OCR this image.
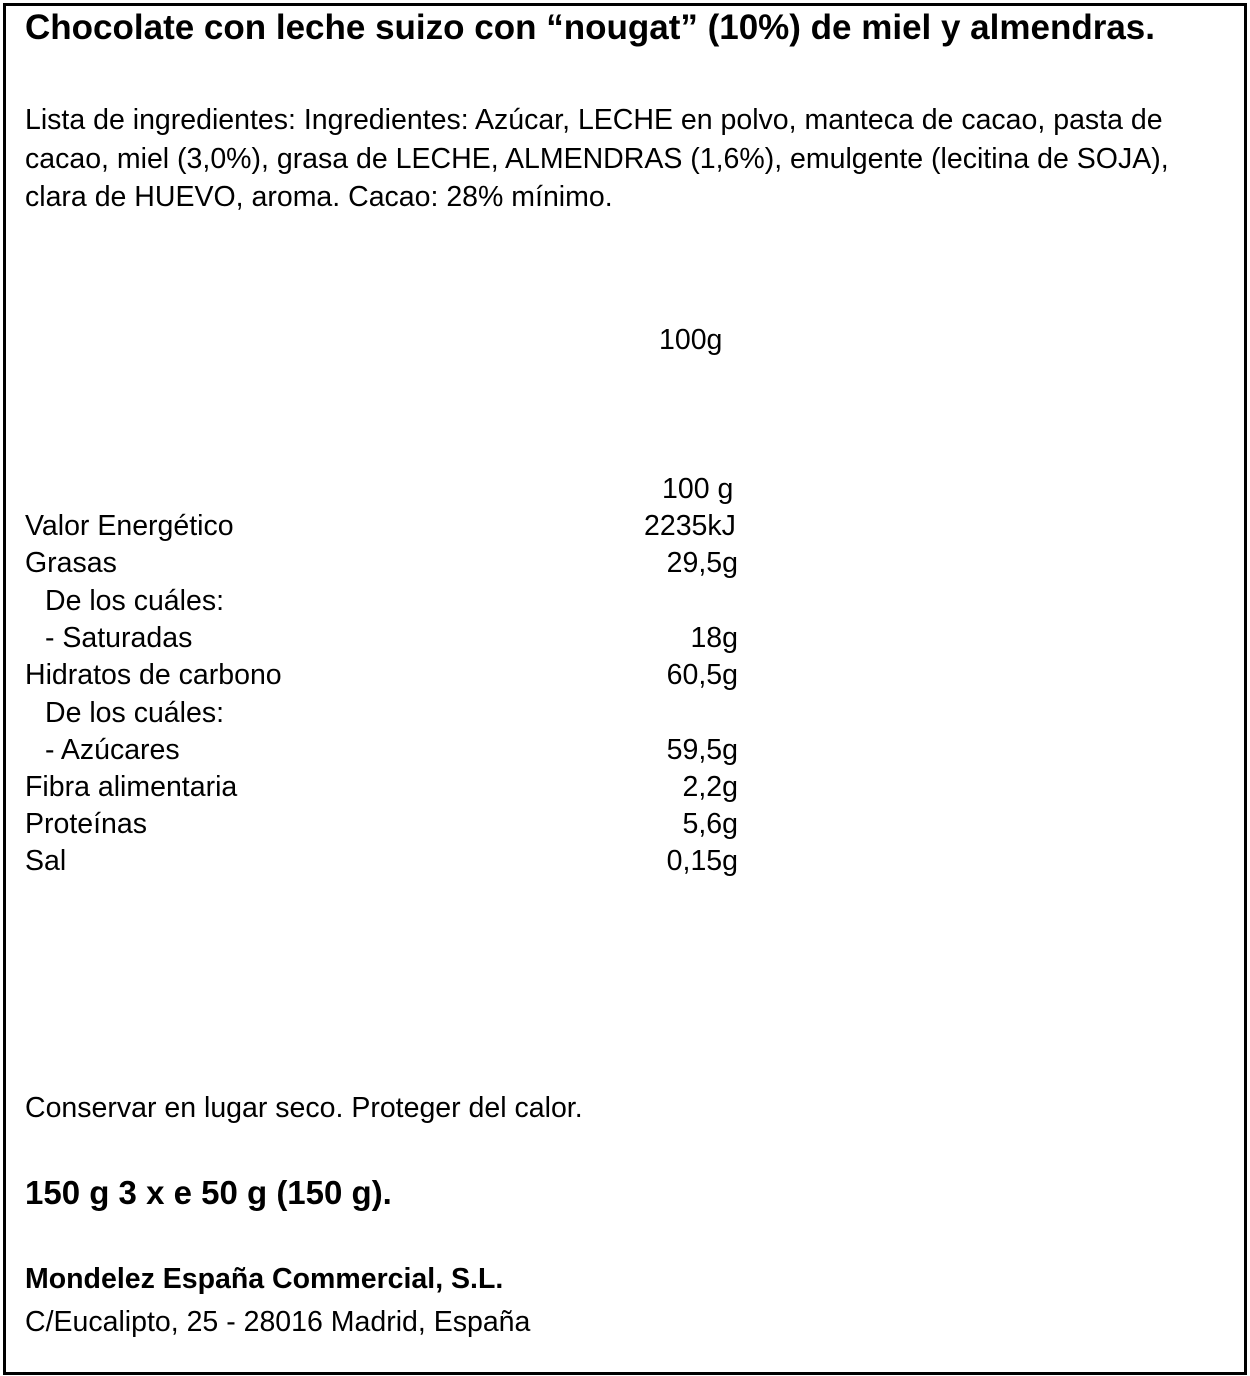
Chocolate con leche suizo con “nougat” (10%) de miel y almendras.
Lista de ingredientes: Ingredientes: Azúcar, LECHE en polvo, manteca de cacao, pasta de cacao, miel (3,0%), grasa de LECHE, ALMENDRAS (1,6%), emulgente (lecitina de SOJA), clara de HUEVO, aroma. Cacao: 28% mínimo.
100g
100 g
Valor Energético	2235kJ
Grasas	29,5g
De los cuáles:
- Saturadas	18g
Hidratos de carbono	60,5g
De los cuáles:
- Azúcares	59,5g
Fibra alimentaria	2,2g
Proteínas	5,6g
Sal	0,15g
Conservar en lugar seco. Proteger del calor.
150 g 3 x e 50 g (150 g).
Mondelez España Commercial, S.L.
C/Eucalipto, 25 - 28016 Madrid, España
